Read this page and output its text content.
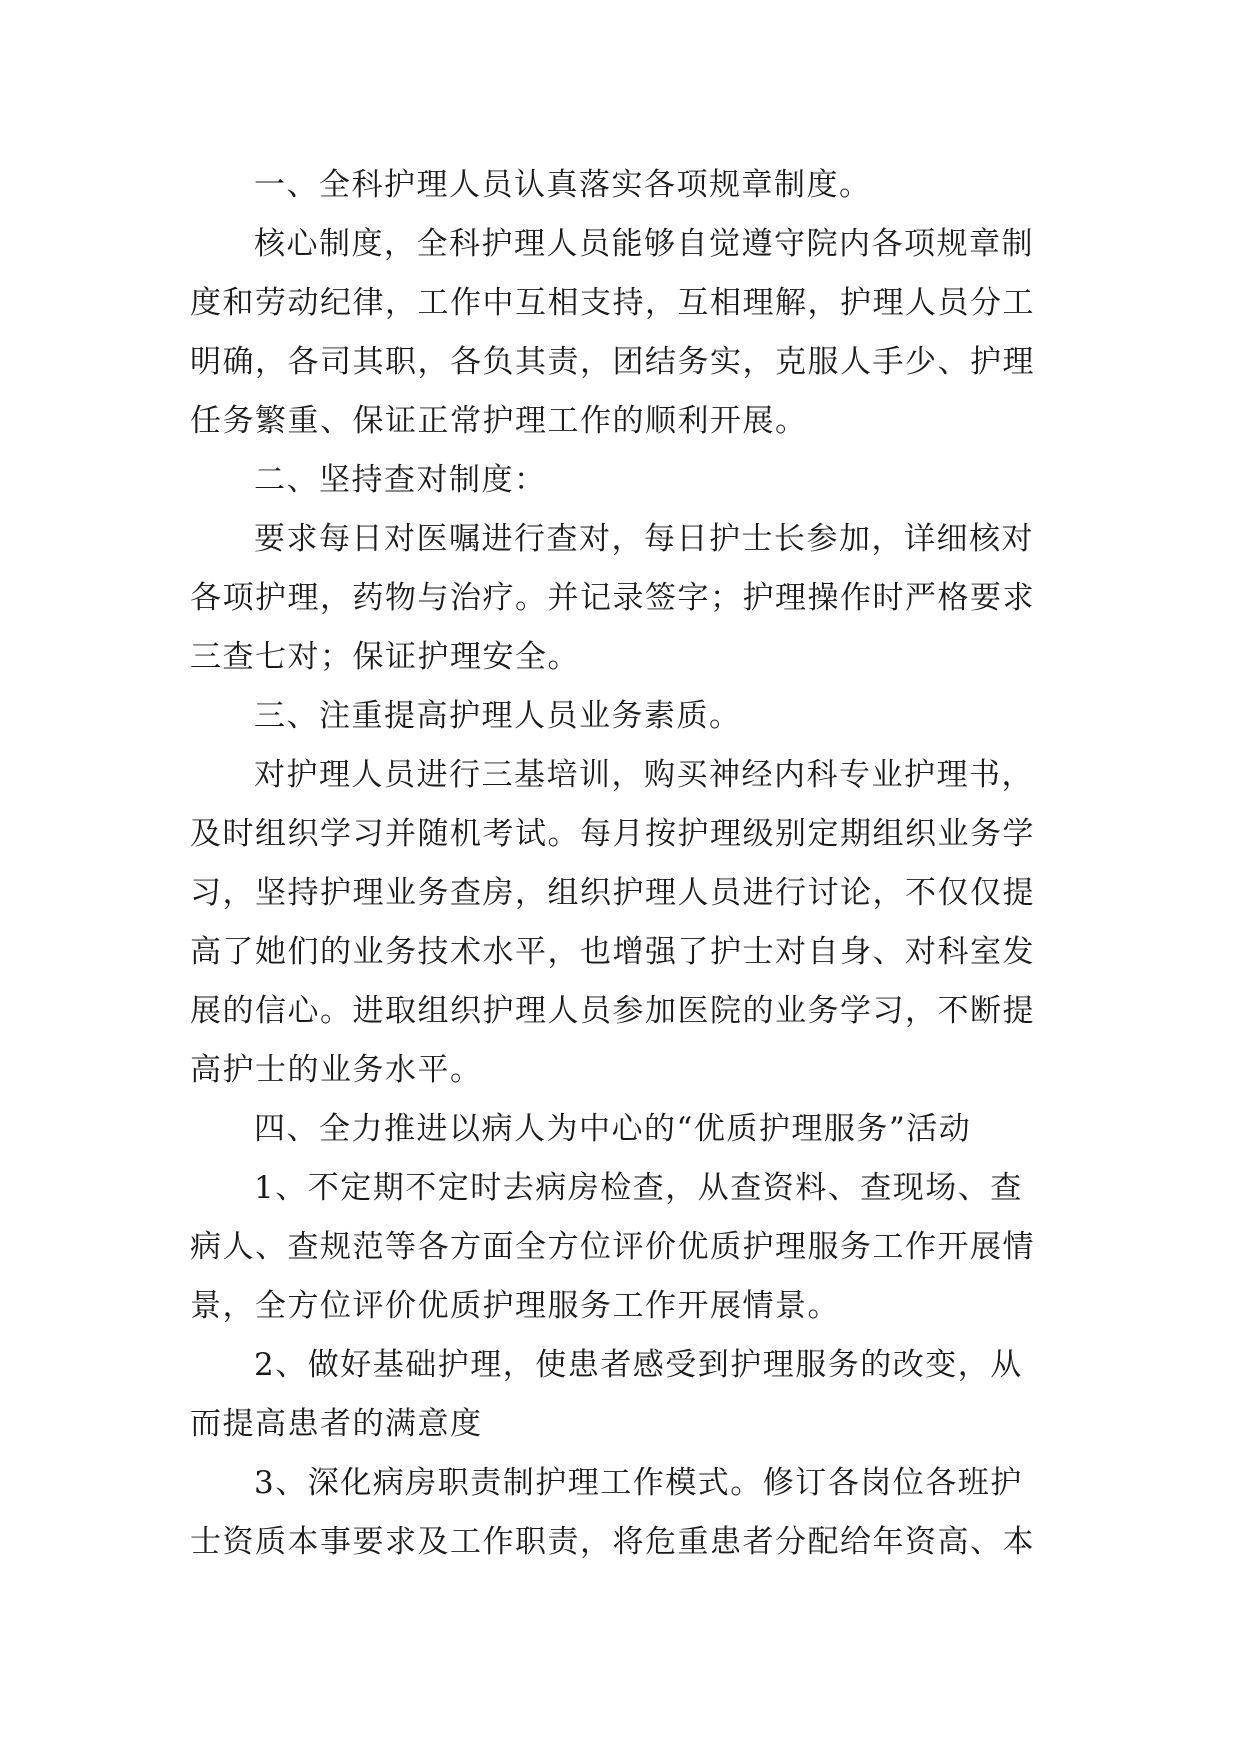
一、全科护理人员认真落实各项规章制度。
核心制度，全科护理人员能够自觉遵守院内各项规章制
度和劳动纪律，工作中互相支持，互相理解，护理人员分工
明确，各司其职，各负其责，团结务实，克服人手少、护理
任务繁重、保证正常护理工作的顺利开展。
二、坚持查对制度：
要求每日对医嘱进行查对，每日护士长参加，详细核对
各项护理，药物与治疗。并记录签字；护理操作时严格要求
三查七对；保证护理安全。
三、注重提高护理人员业务素质。
对护理人员进行三基培训，购买神经内科专业护理书，
及时组织学习并随机考试。每月按护理级别定期组织业务学
习，坚持护理业务查房，组织护理人员进行讨论，不仅仅提
高了她们的业务技术水平，也增强了护士对自身、对科室发
展的信心。进取组织护理人员参加医院的业务学习，不断提
高护士的业务水平。
四、全力推进以病人为中心的“优质护理服务”活动
1、不定期不定时去病房检查，从查资料、查现场、查
病人、查规范等各方面全方位评价优质护理服务工作开展情
景，全方位评价优质护理服务工作开展情景。
2、做好基础护理，使患者感受到护理服务的改变，从
而提高患者的满意度
3、深化病房职责制护理工作模式。修订各岗位各班护
士资质本事要求及工作职责，将危重患者分配给年资高、本
